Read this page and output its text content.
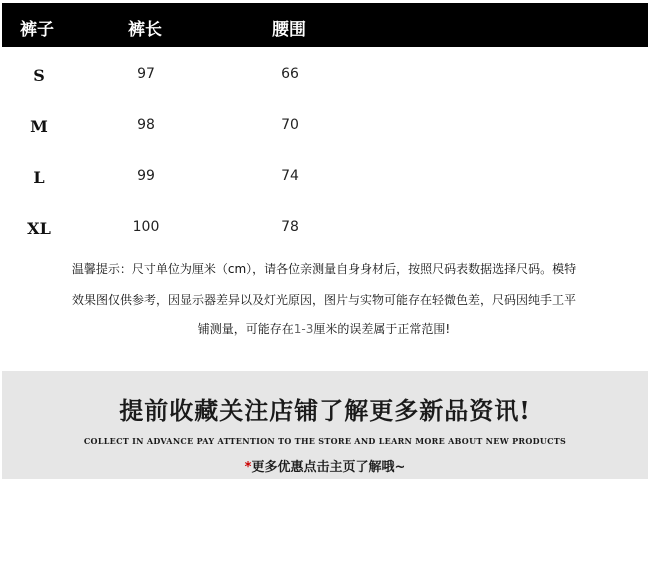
裤子	裤长	腰围
S	97	66
M	98	70
L	99	74
XL	100	78
温馨提示：尺寸单位为厘米（cm），请各位亲测量自身身材后，按照尺码表数据选择尺码。模特
效果图仅供参考，因显示器差异以及灯光原因，图片与实物可能存在轻微色差，尺码因纯手工平
铺测量，可能存在1-3厘米的误差属于正常范围!
提前收藏关注店铺了解更多新品资讯!
COLLECT IN ADVANCE PAY ATTENTION TO THE STORE AND LEARN MORE ABOUT NEW PRODUCTS
*更多优惠点击主页了解哦~
